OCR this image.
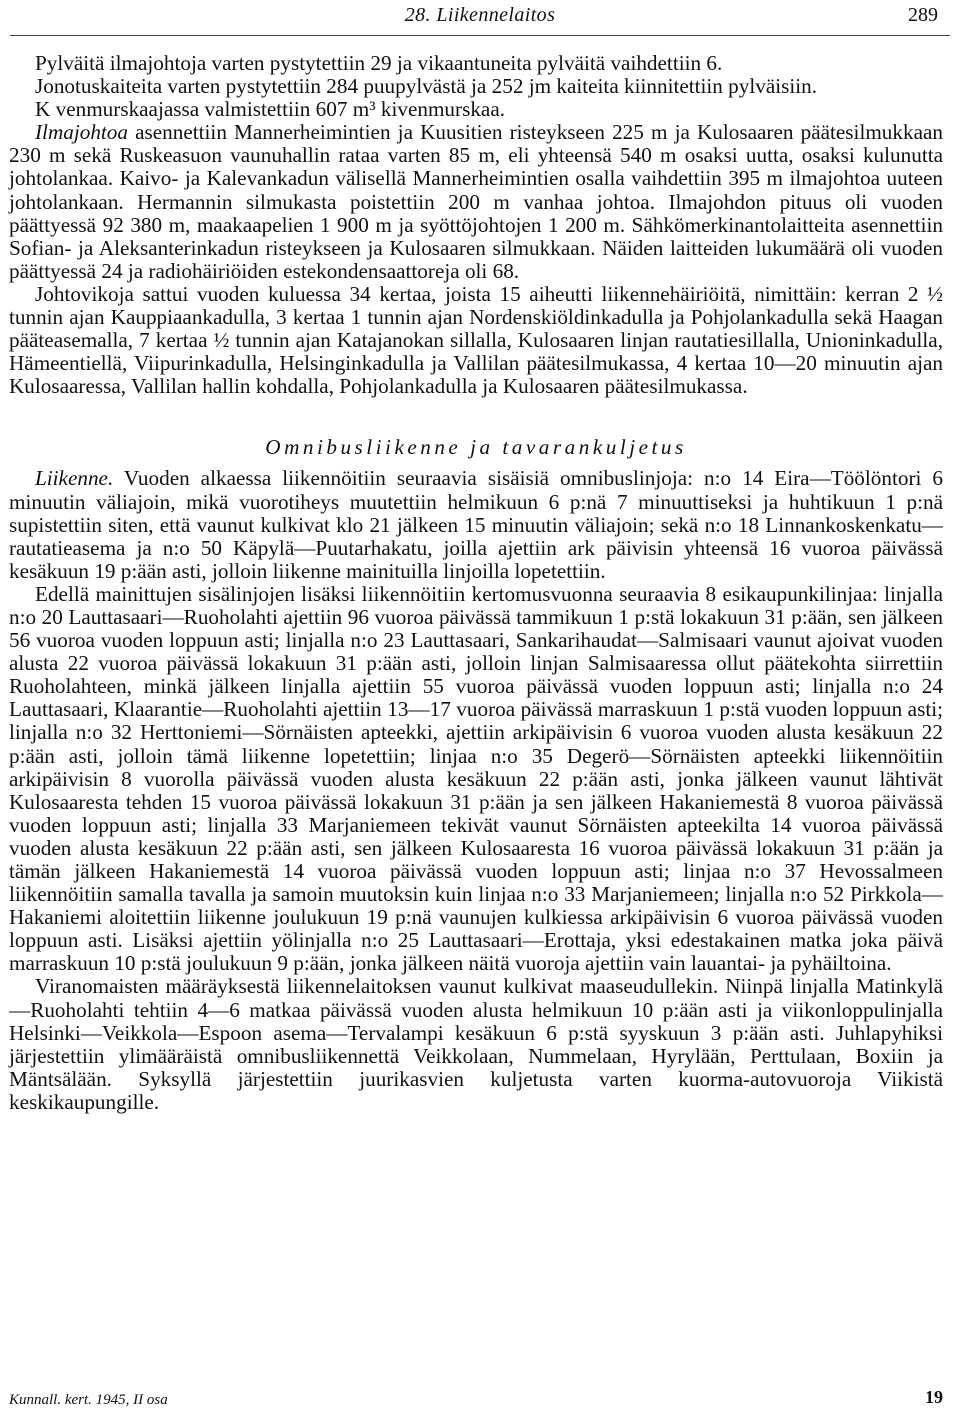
28. Liikennelaitos	289

Pylväitä ilmajohtoja varten pystytettiin 29 ja vikaantuneita pylväitä vaihdettiin 6.

Jonotuskaiteita varten pystytettiin 284 puupylvästä ja 252 jm kaiteita kiinnitettiin pylväisiin.

K venmurskaajassa valmistettiin 607 m³ kivenmurskaa.

Ilmajohtoa asennettiin Mannerheimintien ja Kuusitien risteykseen 225 m ja Kulosaaren päätesilmukkaan 230 m sekä Ruskeasuon vaunuhallin rataa varten 85 m, eli yhteensä 540 m osaksi uutta, osaksi kulunutta johtolankaa. Kaivo- ja Kalevankadun välisellä Mannerheimintien osalla vaihdettiin 395 m ilmajohtoa uuteen johtolankaan. Hermannin silmukasta poistettiin 200 m vanhaa johtoa. Ilmajohdon pituus oli vuoden päättyessä 92 380 m, maakaapelien 1 900 m ja syöttöjohtojen 1 200 m. Sähkömerkinantolaitteita asennettiin Sofian- ja Aleksanterinkadun risteykseen ja Kulosaaren silmukkaan. Näiden laitteiden lukumäärä oli vuoden päättyessä 24 ja radiohäiriöiden estekondensaattoreja oli 68.

Johtovikoja sattui vuoden kuluessa 34 kertaa, joista 15 aiheutti liikennehäiriöitä, nimittäin: kerran 2 ½ tunnin ajan Kauppiaankadulla, 3 kertaa 1 tunnin ajan Nordenskiöldinkadulla ja Pohjolankadulla sekä Haagan pääteasemalla, 7 kertaa ½ tunnin ajan Katajanokan sillalla, Kulosaaren linjan rautatiesillalla, Unioninkadulla, Hämeentiellä, Viipurinkadulla, Helsinginkadulla ja Vallilan päätesilmukassa, 4 kertaa 10—20 minuutin ajan Kulosaaressa, Vallilan hallin kohdalla, Pohjolankadulla ja Kulosaaren päätesilmukassa.

Omnibusliikenne ja tavarankuljetus

Liikenne. Vuoden alkaessa liikennöitiin seuraavia sisäisiä omnibuslinjoja: n:o 14 Eira—Töölöntori 6 minuutin väliajoin, mikä vuorotiheys muutettiin helmikuun 6 p:nä 7 minuuttiseksi ja huhtikuun 1 p:nä supistettiin siten, että vaunut kulkivat klo 21 jälkeen 15 minuutin väliajoin; sekä n:o 18 Linnankoskenkatu—rautatieasema ja n:o 50 Käpylä—Puutarhakatu, joilla ajettiin ark päivisin yhteensä 16 vuoroa päivässä kesäkuun 19 p:ään asti, jolloin liikenne mainituilla linjoilla lopetettiin.

Edellä mainittujen sisälinjojen lisäksi liikennöitiin kertomusvuonna seuraavia 8 esikaupunkilinjaa: linjalla n:o 20 Lauttasaari—Ruoholahti ajettiin 96 vuoroa päivässä tammikuun 1 p:stä lokakuun 31 p:ään, sen jälkeen 56 vuoroa vuoden loppuun asti; linjalla n:o 23 Lauttasaari, Sankarihaudat—Salmisaari vaunut ajoivat vuoden alusta 22 vuoroa päivässä lokakuun 31 p:ään asti, jolloin linjan Salmisaaressa ollut päätekohta siirrettiin Ruoholahteen, minkä jälkeen linjalla ajettiin 55 vuoroa päivässä vuoden loppuun asti; linjalla n:o 24 Lauttasaari, Klaarantie—Ruoholahti ajettiin 13—17 vuoroa päivässä marraskuun 1 p:stä vuoden loppuun asti; linjalla n:o 32 Herttoniemi—Sörnäisten apteekki, ajettiin arkipäivisin 6 vuoroa vuoden alusta kesäkuun 22 p:ään asti, jolloin tämä liikenne lopetettiin; linjaa n:o 35 Degerö—Sörnäisten apteekki liikennöitiin arkipäivisin 8 vuorolla päivässä vuoden alusta kesäkuun 22 p:ään asti, jonka jälkeen vaunut lähtivät Kulosaaresta tehden 15 vuoroa päivässä lokakuun 31 p:ään ja sen jälkeen Hakaniemestä 8 vuoroa päivässä vuoden loppuun asti; linjalla 33 Marjaniemeen tekivät vaunut Sörnäisten apteekilta 14 vuoroa päivässä vuoden alusta kesäkuun 22 p:ään asti, sen jälkeen Kulosaaresta 16 vuoroa päivässä lokakuun 31 p:ään ja tämän jälkeen Hakaniemestä 14 vuoroa päivässä vuoden loppuun asti; linjaa n:o 37 Hevossalmeen liikennöitiin samalla tavalla ja samoin muutoksin kuin linjaa n:o 33 Marjaniemeen; linjalla n:o 52 Pirkkola—Hakaniemi aloitettiin liikenne joulukuun 19 p:nä vaunujen kulkiessa arkipäivisin 6 vuoroa päivässä vuoden loppuun asti. Lisäksi ajettiin yölinjalla n:o 25 Lauttasaari—Erottaja, yksi edestakainen matka joka päivä marraskuun 10 p:stä joulukuun 9 p:ään, jonka jälkeen näitä vuoroja ajettiin vain lauantai- ja pyhäiltoina.

Viranomaisten määräyksestä liikennelaitoksen vaunut kulkivat maaseudullekin. Niinpä linjalla Matinkylä—Ruoholahti tehtiin 4—6 matkaa päivässä vuoden alusta helmikuun 10 p:ään asti ja viikonloppulinjalla Helsinki—Veikkola—Espoon asema—Tervalampi kesäkuun 6 p:stä syyskuun 3 p:ään asti. Juhlapyhiksi järjestettiin ylimääräistä omnibusliikennettä Veikkolaan, Nummelaan, Hyrylään, Perttulaan, Boxiin ja Mäntsälään. Syksyllä järjestettiin juurikasvien kuljetusta varten kuorma-autovuoroja Viikistä keskikaupungille.

Kunnall. kert. 1945, II osa	19
